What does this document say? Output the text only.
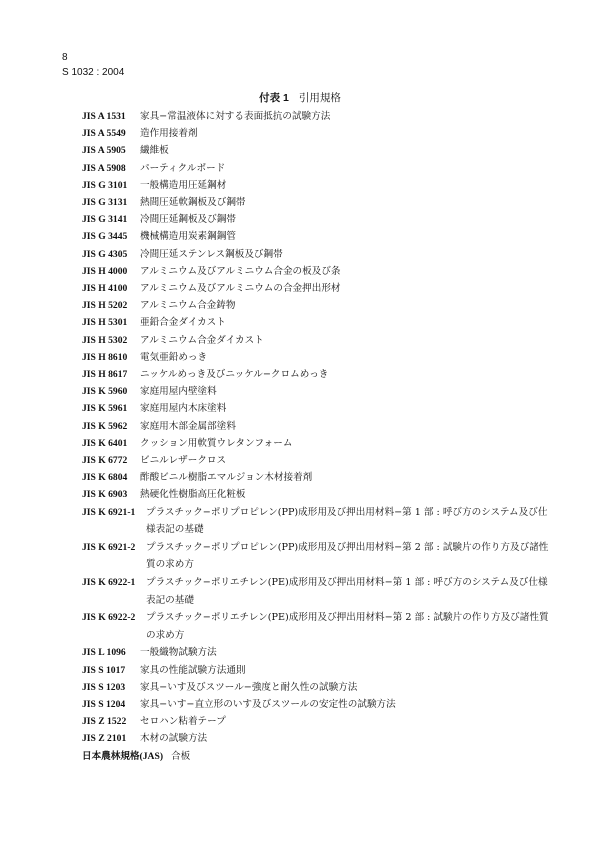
8
S 1032 : 2004
付表 1 引用規格
JIS A 1531	家具−常温液体に対する表面抵抗の試験方法
JIS A 5549	造作用接着剤
JIS A 5905	繊維板
JIS A 5908	パーティクルボード
JIS G 3101	一般構造用圧延鋼材
JIS G 3131	熱間圧延軟鋼板及び鋼帯
JIS G 3141	冷間圧延鋼板及び鋼帯
JIS G 3445	機械構造用炭素鋼鋼管
JIS G 4305	冷間圧延ステンレス鋼板及び鋼帯
JIS H 4000	アルミニウム及びアルミニウム合金の板及び条
JIS H 4100	アルミニウム及びアルミニウムの合金押出形材
JIS H 5202	アルミニウム合金鋳物
JIS H 5301	亜鉛合金ダイカスト
JIS H 5302	アルミニウム合金ダイカスト
JIS H 8610	電気亜鉛めっき
JIS H 8617	ニッケルめっき及びニッケル−クロムめっき
JIS K 5960	家庭用屋内壁塗料
JIS K 5961	家庭用屋内木床塗料
JIS K 5962	家庭用木部金属部塗料
JIS K 6401	クッション用軟質ウレタンフォーム
JIS K 6772	ビニルレザークロス
JIS K 6804	酢酸ビニル樹脂エマルジョン木材接着剤
JIS K 6903	熱硬化性樹脂高圧化粧板
JIS K 6921-1	プラスチック−ポリプロピレン(PP)成形用及び押出用材料−第 1 部 : 呼び方のシステム及び仕様表記の基礎
JIS K 6921-2	プラスチック−ポリプロピレン(PP)成形用及び押出用材料−第 2 部 : 試験片の作り方及び諸性質の求め方
JIS K 6922-1	プラスチック−ポリエチレン(PE)成形用及び押出用材料−第 1 部 : 呼び方のシステム及び仕様表記の基礎
JIS K 6922-2	プラスチック−ポリエチレン(PE)成形用及び押出用材料−第 2 部 : 試験片の作り方及び諸性質の求め方
JIS L 1096	一般織物試験方法
JIS S 1017	家具の性能試験方法通則
JIS S 1203	家具−いす及びスツール−強度と耐久性の試験方法
JIS S 1204	家具−いす−直立形のいす及びスツールの安定性の試験方法
JIS Z 1522	セロハン粘着テープ
JIS Z 2101	木材の試験方法
日本農林規格(JAS) 合板
